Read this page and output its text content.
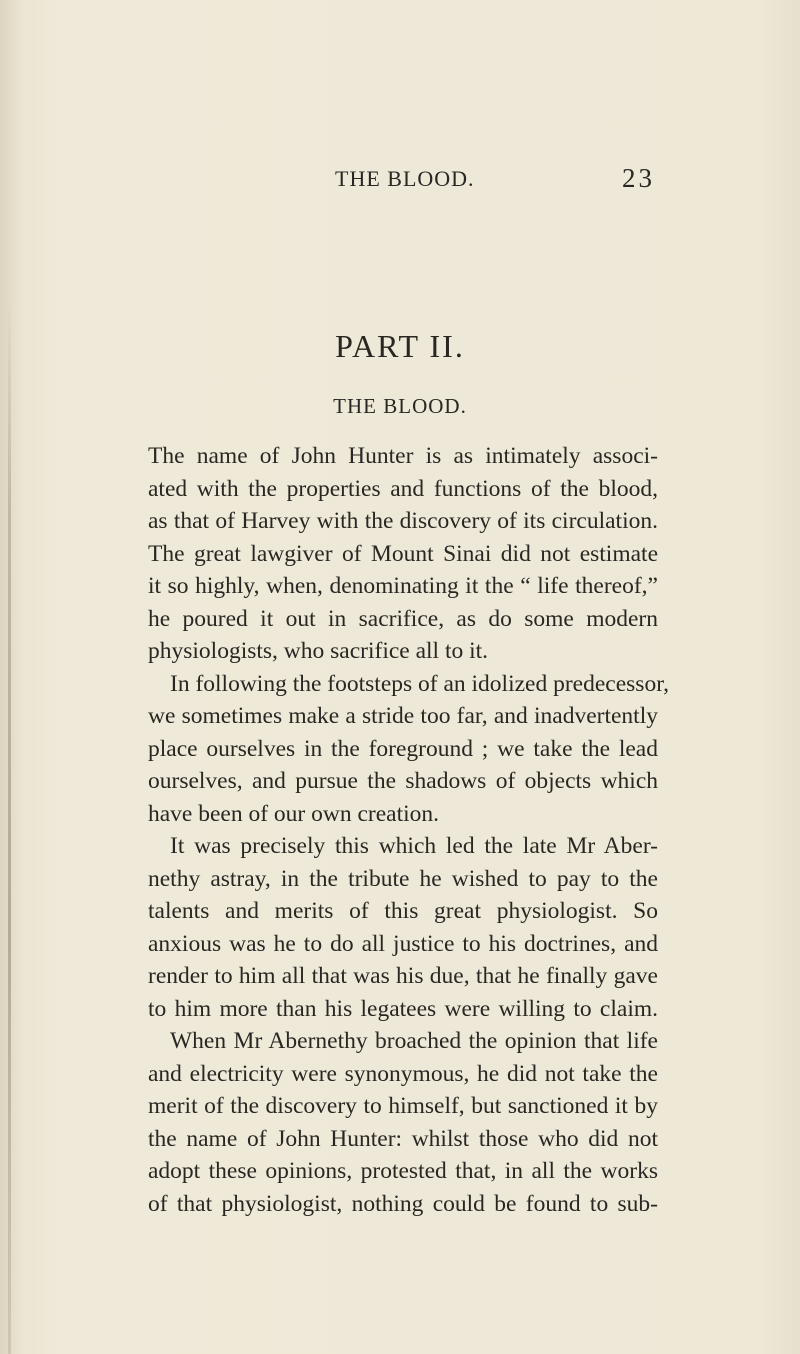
THE BLOOD.	23
PART II.
THE BLOOD.
The name of John Hunter is as intimately associ-
ated with the properties and functions of the blood,
as that of Harvey with the discovery of its circulation.
The great lawgiver of Mount Sinai did not estimate
it so highly, when, denominating it the “ life thereof,”
he poured it out in sacrifice, as do some modern
physiologists, who sacrifice all to it.
In following the footsteps of an idolized predecessor,
we sometimes make a stride too far, and inadvertently
place ourselves in the foreground ; we take the lead
ourselves, and pursue the shadows of objects which
have been of our own creation.
It was precisely this which led the late Mr Aber-
nethy astray, in the tribute he wished to pay to the
talents and merits of this great physiologist. So
anxious was he to do all justice to his doctrines, and
render to him all that was his due, that he finally gave
to him more than his legatees were willing to claim.
When Mr Abernethy broached the opinion that life
and electricity were synonymous, he did not take the
merit of the discovery to himself, but sanctioned it by
the name of John Hunter: whilst those who did not
adopt these opinions, protested that, in all the works
of that physiologist, nothing could be found to sub-
